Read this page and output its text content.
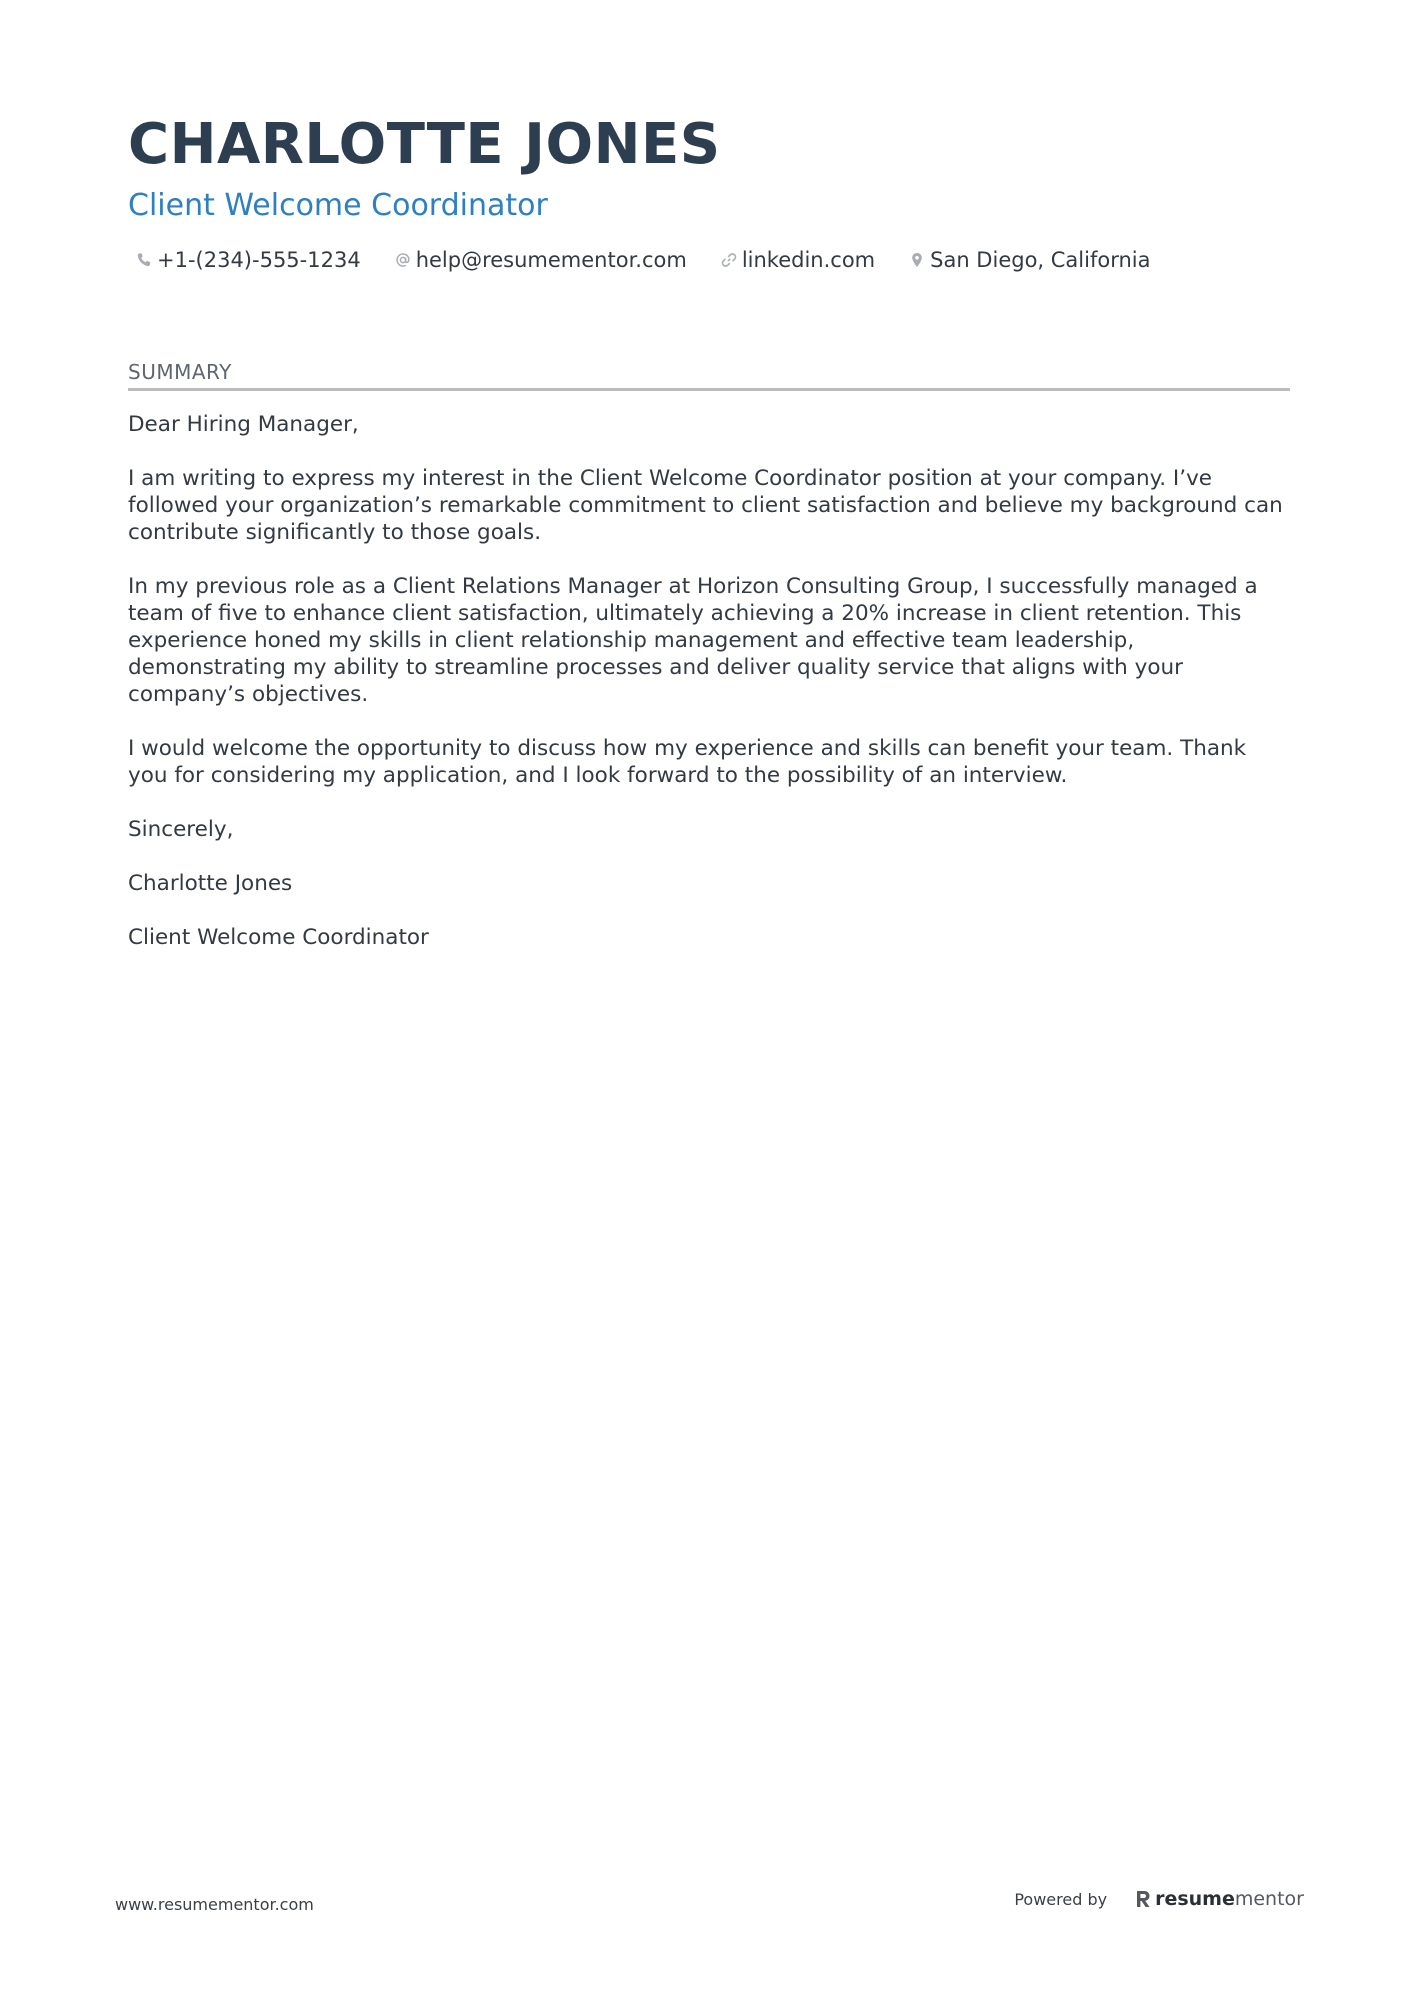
CHARLOTTE JONES
Client Welcome Coordinator
+1-(234)-555-1234	help@resumementor.com	linkedin.com	San Diego, California
SUMMARY

Dear Hiring Manager,

I am writing to express my interest in the Client Welcome Coordinator position at your company. I’ve followed your organization’s remarkable commitment to client satisfaction and believe my background can contribute significantly to those goals.

In my previous role as a Client Relations Manager at Horizon Consulting Group, I successfully managed a team of five to enhance client satisfaction, ultimately achieving a 20% increase in client retention. This experience honed my skills in client relationship management and effective team leadership, demonstrating my ability to streamline processes and deliver quality service that aligns with your company’s objectives.

I would welcome the opportunity to discuss how my experience and skills can benefit your team. Thank you for considering my application, and I look forward to the possibility of an interview.

Sincerely,

Charlotte Jones

Client Welcome Coordinator

www.resumementor.com	Powered by	resume mentor
